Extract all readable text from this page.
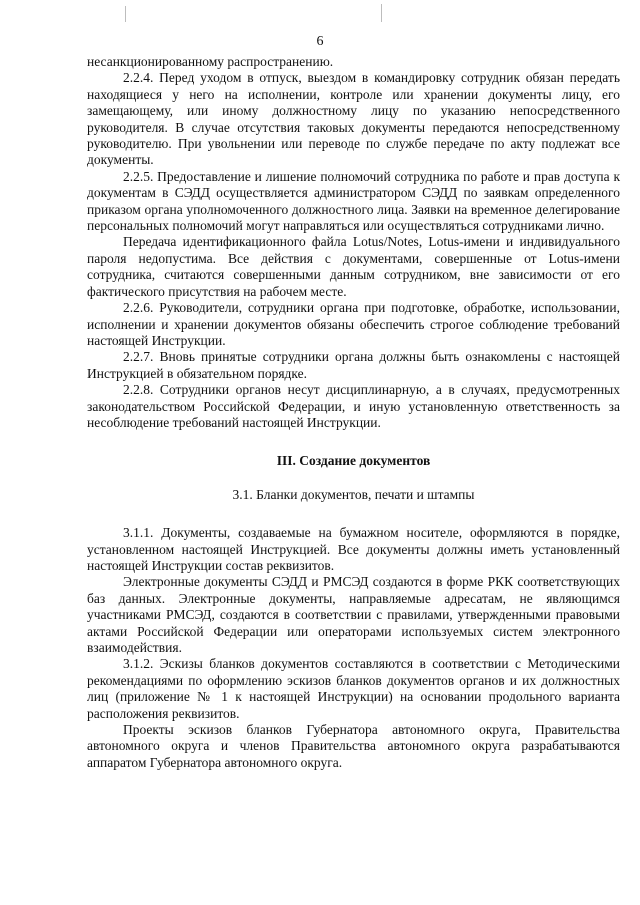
6

несанкционированному распространению.

2.2.4. Перед уходом в отпуск, выездом в командировку сотрудник обязан передать находящиеся у него на исполнении, контроле или хранении документы лицу, его замещающему, или иному должностному лицу по указанию непосредственного руководителя. В случае отсутствия таковых документы передаются непосредственному руководителю. При увольнении или переводе по службе передаче по акту подлежат все документы.

2.2.5. Предоставление и лишение полномочий сотрудника по работе и прав доступа к документам в СЭДД осуществляется администратором СЭДД по заявкам определенного приказом органа уполномоченного должностного лица. Заявки на временное делегирование персональных полномочий могут направляться или осуществляться сотрудниками лично.

Передача идентификационного файла Lotus/Notes, Lotus-имени и индивидуального пароля недопустима. Все действия с документами, совершенные от Lotus-имени сотрудника, считаются совершенными данным сотрудником, вне зависимости от его фактического присутствия на рабочем месте.

2.2.6. Руководители, сотрудники органа при подготовке, обработке, использовании, исполнении и хранении документов обязаны обеспечить строгое соблюдение требований настоящей Инструкции.

2.2.7. Вновь принятые сотрудники органа должны быть ознакомлены с настоящей Инструкцией в обязательном порядке.

2.2.8. Сотрудники органов несут дисциплинарную, а в случаях, предусмотренных законодательством Российской Федерации, и иную установленную ответственность за несоблюдение требований настоящей Инструкции.

III. Создание документов

3.1. Бланки документов, печати и штампы

3.1.1. Документы, создаваемые на бумажном носителе, оформляются в порядке, установленном настоящей Инструкцией. Все документы должны иметь установленный настоящей Инструкции состав реквизитов.

Электронные документы СЭДД и РМСЭД создаются в форме РКК соответствующих баз данных. Электронные документы, направляемые адресатам, не являющимся участниками РМСЭД, создаются в соответствии с правилами, утвержденными правовыми актами Российской Федерации или операторами используемых систем электронного взаимодействия.

3.1.2. Эскизы бланков документов составляются в соответствии с Методическими рекомендациями по оформлению эскизов бланков документов органов и их должностных лиц (приложение № 1 к настоящей Инструкции) на основании продольного варианта расположения реквизитов.

Проекты эскизов бланков Губернатора автономного округа, Правительства автономного округа и членов Правительства автономного округа разрабатываются аппаратом Губернатора автономного округа.
